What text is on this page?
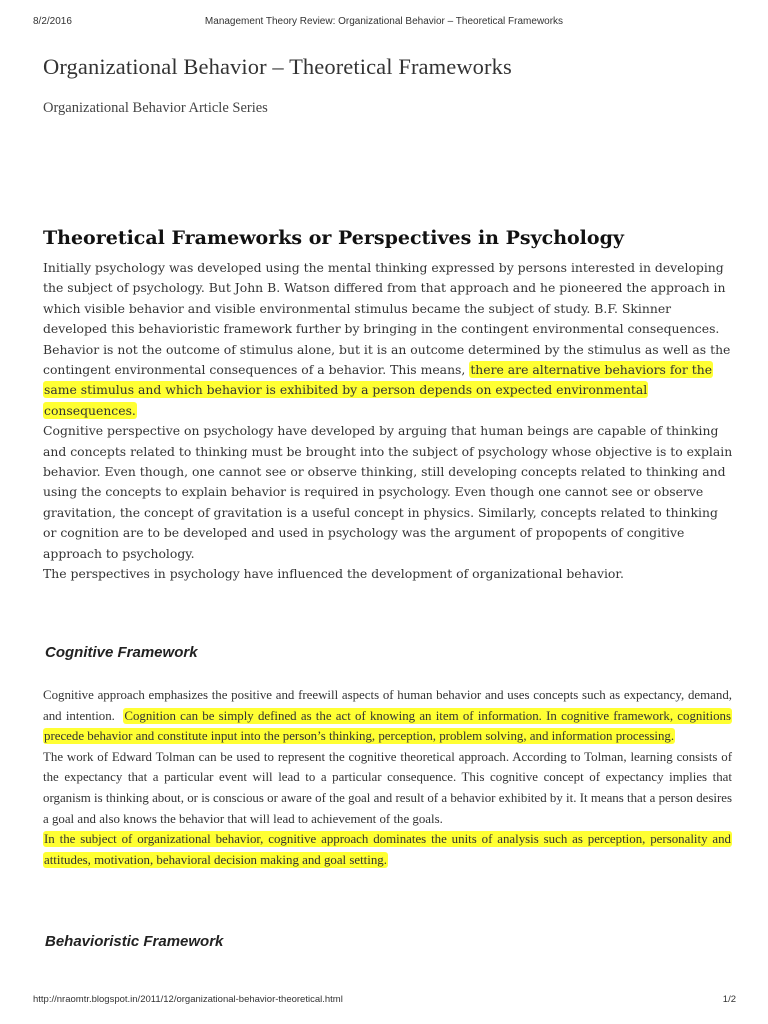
8/2/2016	Management Theory Review: Organizational Behavior – Theoretical Frameworks
Organizational Behavior – Theoretical Frameworks
Organizational Behavior Article Series
Theoretical Frameworks or Perspectives in Psychology

Initially psychology was developed using the mental thinking expressed by persons interested in developing the subject of psychology. But John B. Watson differed from that approach and he pioneered the approach in which visible behavior and visible environmental stimulus became the subject of study. B.F. Skinner developed this behavioristic framework further by bringing in the contingent environmental consequences. Behavior is not the outcome of stimulus alone, but it is an outcome determined by the stimulus as well as the contingent environmental consequences of a behavior. This means, there are alternative behaviors for the same stimulus and which behavior is exhibited by a person depends on expected environmental consequences.

Cognitive perspective on psychology have developed by arguing that human beings are capable of thinking and concepts related to thinking must be brought into the subject of psychology whose objective is to explain behavior. Even though, one cannot see or observe thinking, still developing concepts related to thinking and using the concepts to explain behavior is required in psychology. Even though one cannot see or observe gravitation, the concept of gravitation is a useful concept in physics. Similarly, concepts related to thinking or cognition are to be developed and used in psychology was the argument of propopents of congitive approach to psychology.

The perspectives in psychology have influenced the development of organizational behavior.

Cognitive Framework

Cognitive approach emphasizes the positive and freewill aspects of human behavior and uses concepts such as expectancy, demand, and intention. Cognition can be simply defined as the act of knowing an item of information. In cognitive framework, cognitions precede behavior and constitute input into the person’s thinking, perception, problem solving, and information processing.

The work of Edward Tolman can be used to represent the cognitive theoretical approach. According to Tolman, learning consists of the expectancy that a particular event will lead to a particular consequence. This cognitive concept of expectancy implies that organism is thinking about, or is conscious or aware of the goal and result of a behavior exhibited by it. It means that a person desires a goal and also knows the behavior that will lead to achievement of the goals.

In the subject of organizational behavior, cognitive approach dominates the units of analysis such as perception, personality and attitudes, motivation, behavioral decision making and goal setting.

Behavioristic Framework
http://nraomtr.blogspot.in/2011/12/organizational-behavior-theoretical.html	1/2
